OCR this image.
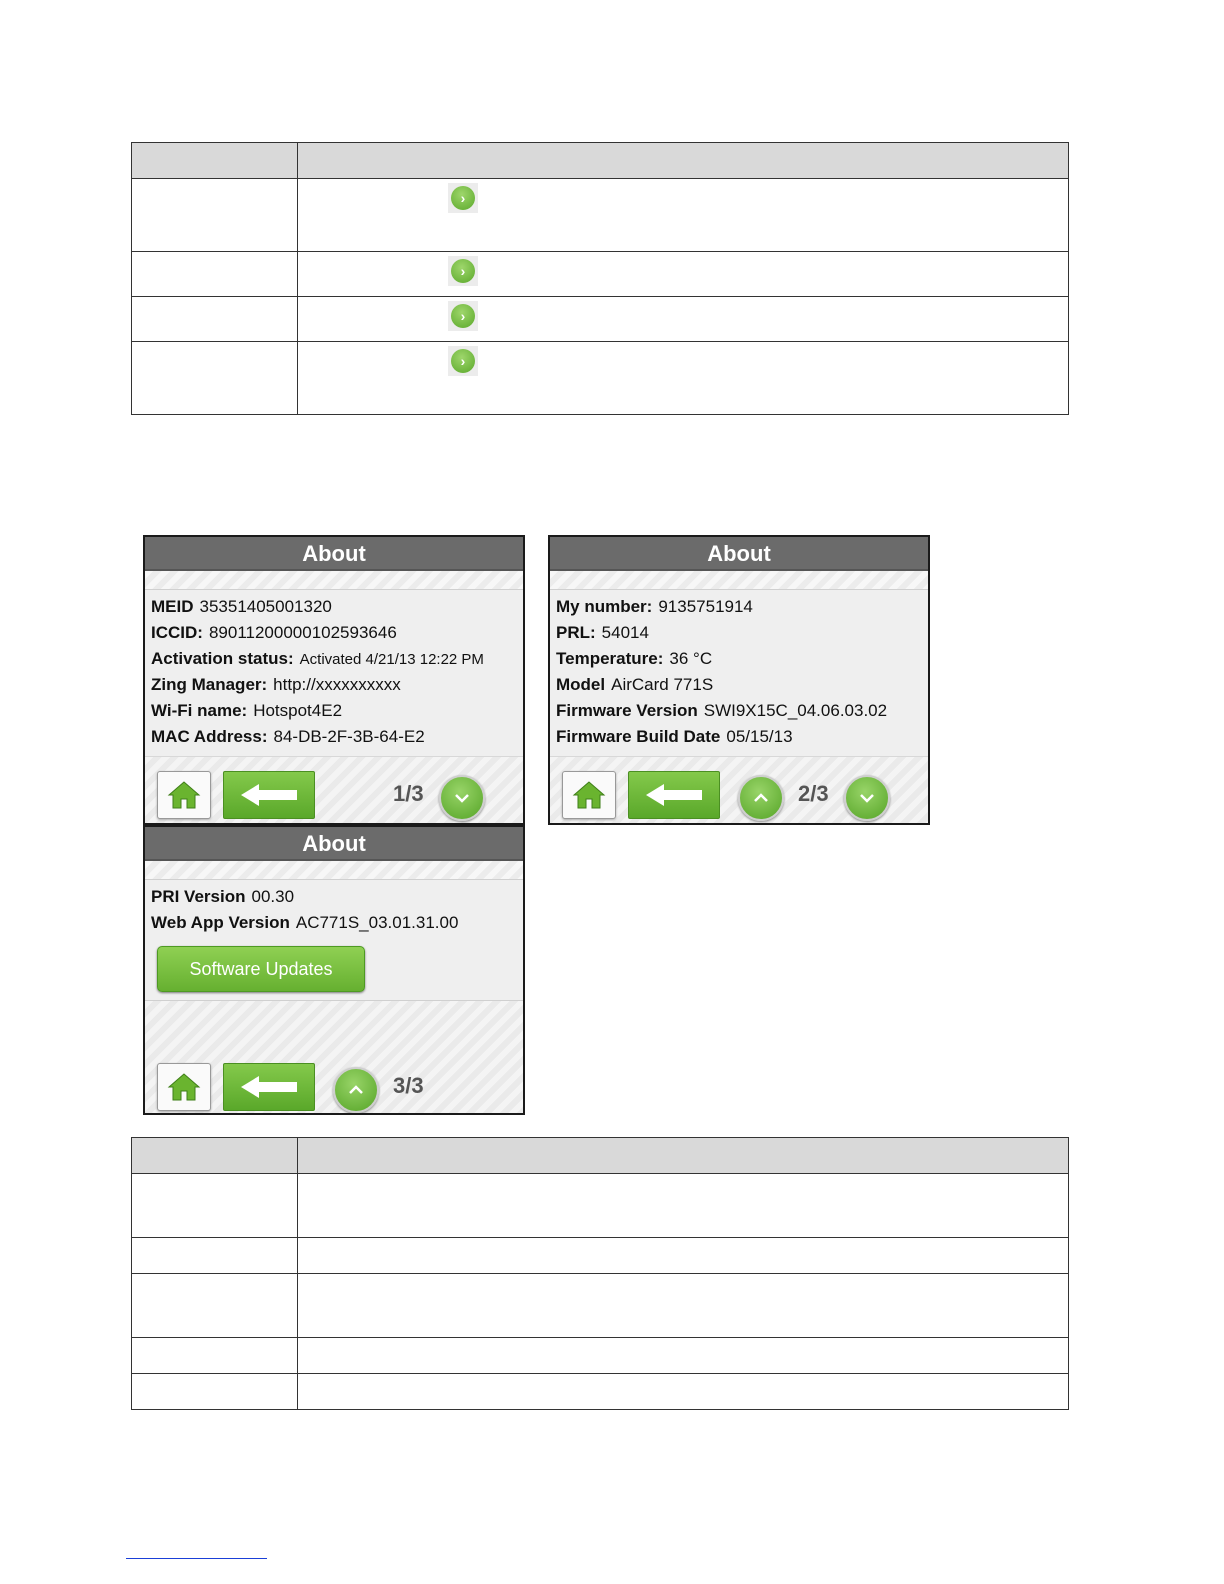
	›

	›

	›

	›
About
MEID 35351405001320
ICCID: 89011200000102593646
Activation status: Activated 4/21/13 12:22 PM
Zing Manager: http://xxxxxxxxxx
Wi-Fi name: Hotspot4E2
MAC Address: 84-DB-2F-3B-64-E2
1/3
About
My number: 9135751914
PRL: 54014
Temperature: 36 °C
Model AirCard 771S
Firmware Version SWI9X15C_04.06.03.02
Firmware Build Date 05/15/13
2/3
About
PRI Version 00.30
Web App Version AC771S_03.01.31.00
Software Updates
3/3
